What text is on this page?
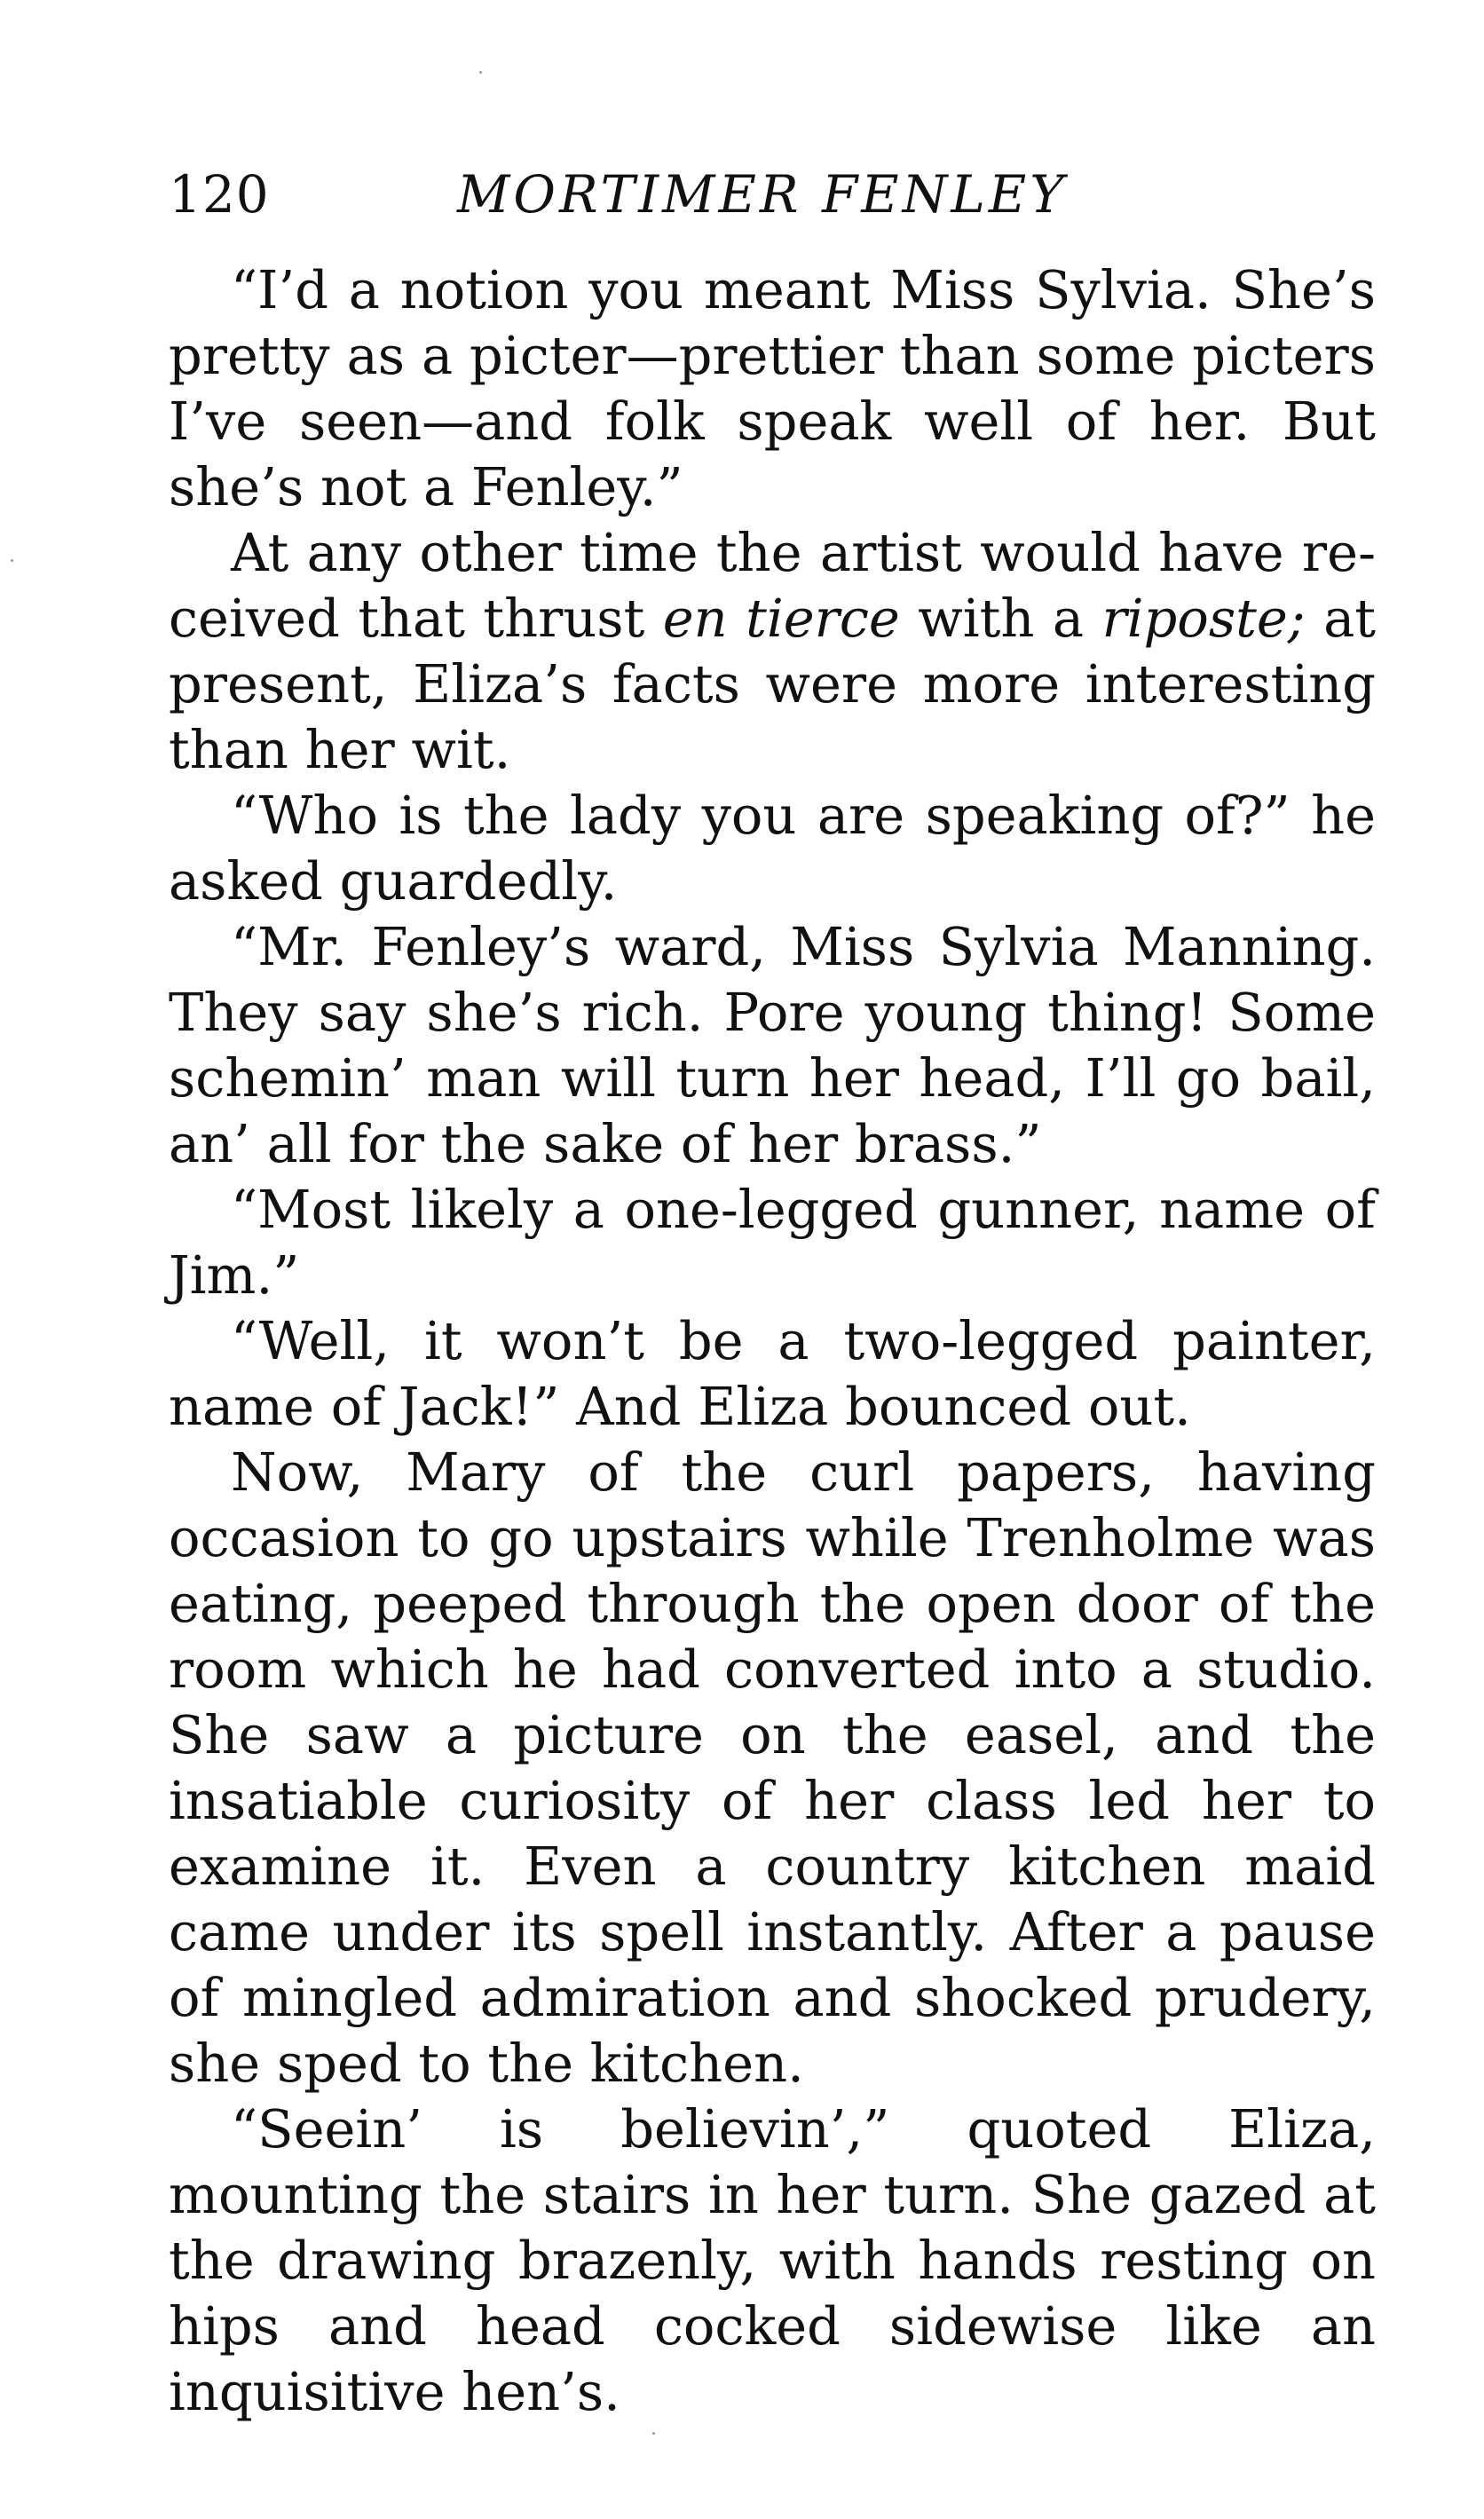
120	MORTIMER FENLEY

“I’d a notion you meant Miss Sylvia. She’s pretty as a picter—prettier than some picters I’ve seen—and folk speak well of her. But she’s not a Fenley.”

At any other time the artist would have received that thrust en tierce with a riposte; at present, Eliza’s facts were more interesting than her wit.

“Who is the lady you are speaking of?” he asked guardedly.

“Mr. Fenley’s ward, Miss Sylvia Manning. They say she’s rich. Pore young thing! Some schemin’ man will turn her head, I’ll go bail, an’ all for the sake of her brass.”

“Most likely a one-legged gunner, name of Jim.”

“Well, it won’t be a two-legged painter, name of Jack!” And Eliza bounced out.

Now, Mary of the curl papers, having occasion to go upstairs while Trenholme was eating, peeped through the open door of the room which he had converted into a studio. She saw a picture on the easel, and the insatiable curiosity of her class led her to examine it. Even a country kitchen maid came under its spell instantly. After a pause of mingled admiration and shocked prudery, she sped to the kitchen.

“Seein’ is believin’,” quoted Eliza, mounting the stairs in her turn. She gazed at the drawing brazenly, with hands resting on hips and head cocked sidewise like an inquisitive hen’s.
